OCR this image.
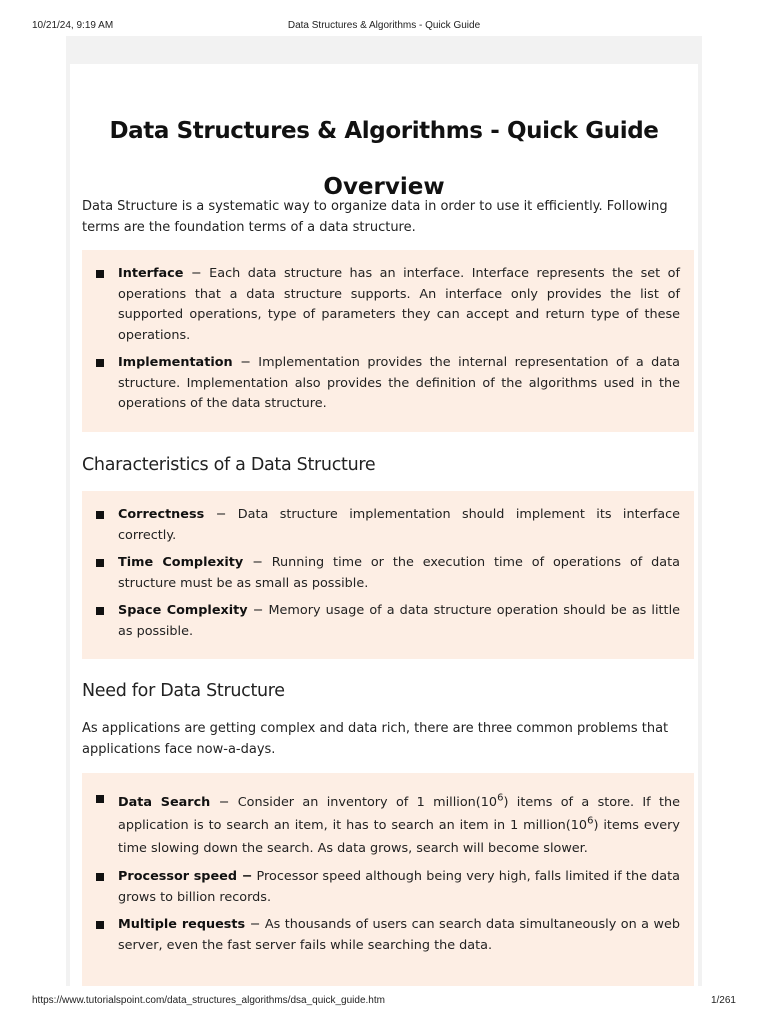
10/21/24, 9:19 AM	Data Structures & Algorithms - Quick Guide
Data Structures & Algorithms - Quick Guide
Overview

Data Structure is a systematic way to organize data in order to use it efficiently. Following terms are the foundation terms of a data structure.

Interface − Each data structure has an interface. Interface represents the set of operations that a data structure supports. An interface only provides the list of supported operations, type of parameters they can accept and return type of these operations.
Implementation − Implementation provides the internal representation of a data structure. Implementation also provides the definition of the algorithms used in the operations of the data structure.
Characteristics of a Data Structure
Correctness − Data structure implementation should implement its interface correctly.
Time Complexity − Running time or the execution time of operations of data structure must be as small as possible.
Space Complexity − Memory usage of a data structure operation should be as little as possible.
Need for Data Structure

As applications are getting complex and data rich, there are three common problems that applications face now-a-days.

Data Search − Consider an inventory of 1 $million(10^6)$ items of a store. If the application is to search an item, it has to search an item in 1 $million(10^6)$ items every time slowing down the search. As data grows, search will become slower.
Processor speed − Processor speed although being very high, falls limited if the data grows to billion records.
Multiple requests − As thousands of users can search data simultaneously on a web server, even the fast server fails while searching the data.
https://www.tutorialspoint.com/data_structures_algorithms/dsa_quick_guide.htm	1/261
